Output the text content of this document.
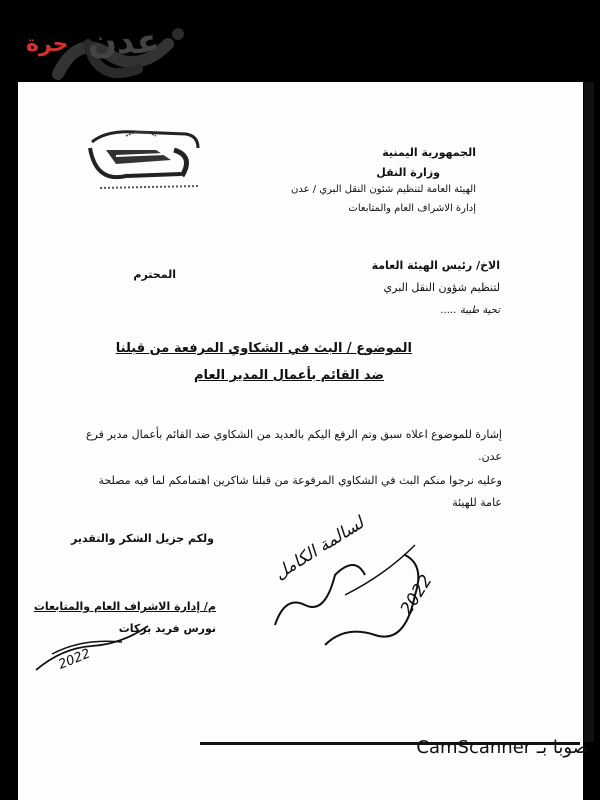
حرة عدن
الجمهورية اليمنية
وزارة النقل
الهيئة العامة لتنظيم شئون النقل البري / عدن
إدارة الاشراف العام والمتابعات
الاخ/ رئيس الهيئة العامة
لتنظيم شؤون النقل البري
المحترم
تحية طيبة .....
الموضوع / البث في الشكاوي المرفعة من قبلنا
ضد القائم بأعمال المدير العام
إشارة للموضوع اعلاه سبق وتم الرفع اليكم بالعديد من الشكاوي ضد القائم بأعمال مدير فرع عدن.
وعليه نرجوا منكم البث في الشكاوي المرفوعة من قبلنا شاكرين اهتمامكم لما فيه مصلحة عامة للهيئة
ولكم جزيل الشكر والتقدير
م/ إدارة الاشراف العام والمتابعات
نورس فريد بركات
لسالمة الكامل
2022
2022
CamScanner صوبا بـ
